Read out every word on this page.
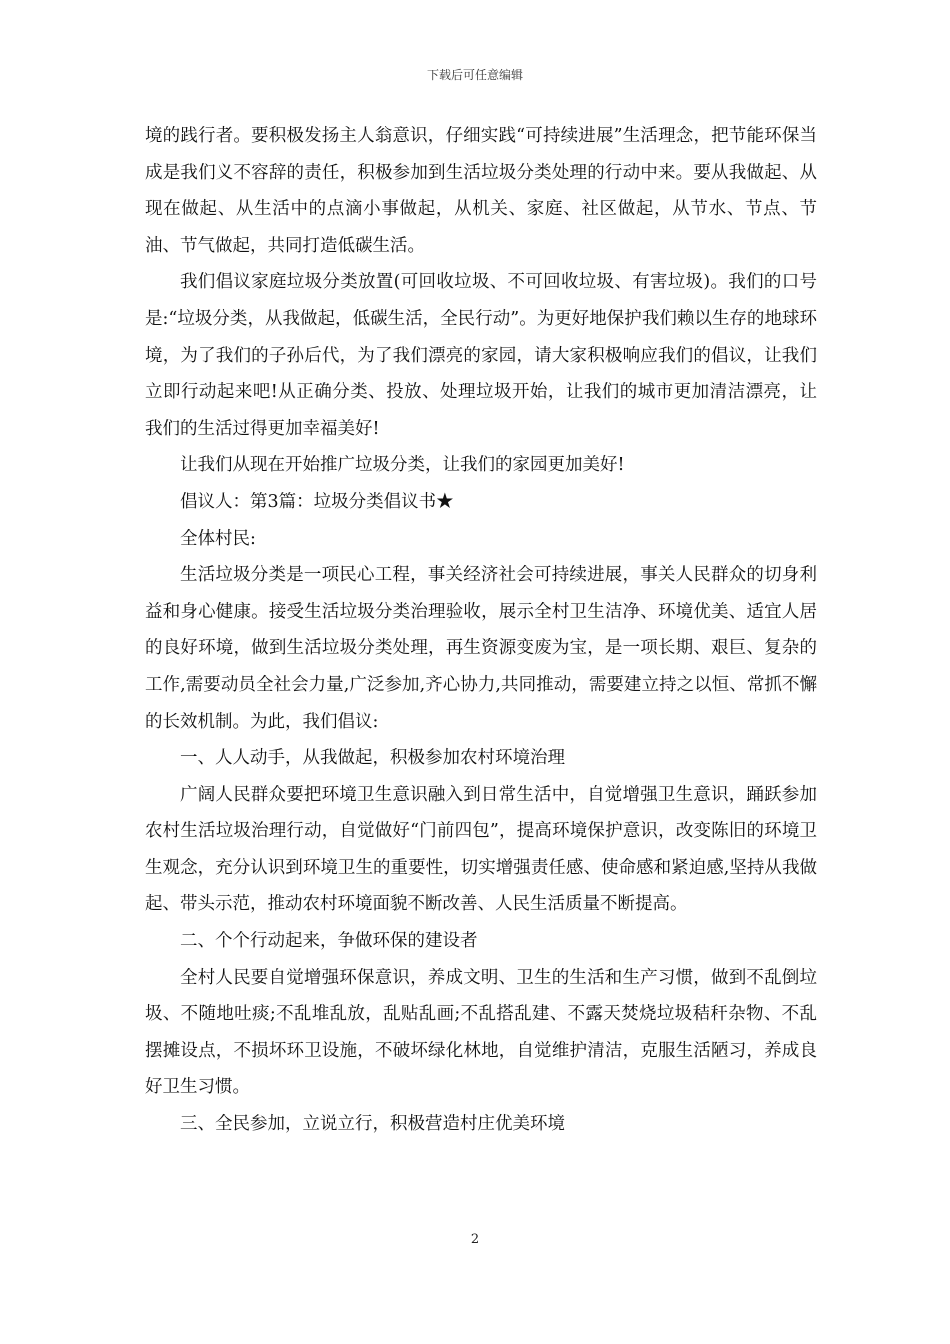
下载后可任意编辑

境的践行者。要积极发扬主人翁意识，仔细实践“可持续进展”生活理念，把节能环保当成是我们义不容辞的责任，积极参加到生活垃圾分类处理的行动中来。要从我做起、从现在做起、从生活中的点滴小事做起，从机关、家庭、社区做起，从节水、节点、节油、节气做起，共同打造低碳生活。

我们倡议家庭垃圾分类放置(可回收垃圾、不可回收垃圾、有害垃圾)。我们的口号是:“垃圾分类，从我做起，低碳生活，全民行动”。为更好地保护我们赖以生存的地球环境，为了我们的子孙后代，为了我们漂亮的家园，请大家积极响应我们的倡议，让我们立即行动起来吧!从正确分类、投放、处理垃圾开始，让我们的城市更加清洁漂亮，让我们的生活过得更加幸福美好!

让我们从现在开始推广垃圾分类，让我们的家园更加美好!

倡议人：第3篇：垃圾分类倡议书★

全体村民:

生活垃圾分类是一项民心工程，事关经济社会可持续进展，事关人民群众的切身利益和身心健康。接受生活垃圾分类治理验收，展示全村卫生洁净、环境优美、适宜人居的良好环境，做到生活垃圾分类处理，再生资源变废为宝，是一项长期、艰巨、复杂的工作,需要动员全社会力量,广泛参加,齐心协力,共同推动，需要建立持之以恒、常抓不懈的长效机制。为此，我们倡议:

一、人人动手，从我做起，积极参加农村环境治理

广阔人民群众要把环境卫生意识融入到日常生活中，自觉增强卫生意识，踊跃参加农村生活垃圾治理行动，自觉做好“门前四包”，提高环境保护意识，改变陈旧的环境卫生观念，充分认识到环境卫生的重要性，切实增强责任感、使命感和紧迫感,坚持从我做起、带头示范，推动农村环境面貌不断改善、人民生活质量不断提高。

二、个个行动起来，争做环保的建设者

全村人民要自觉增强环保意识，养成文明、卫生的生活和生产习惯，做到不乱倒垃圾、不随地吐痰;不乱堆乱放，乱贴乱画;不乱搭乱建、不露天焚烧垃圾秸秆杂物、不乱摆摊设点，不损坏环卫设施，不破坏绿化林地，自觉维护清洁，克服生活陋习，养成良好卫生习惯。

三、全民参加，立说立行，积极营造村庄优美环境

2
